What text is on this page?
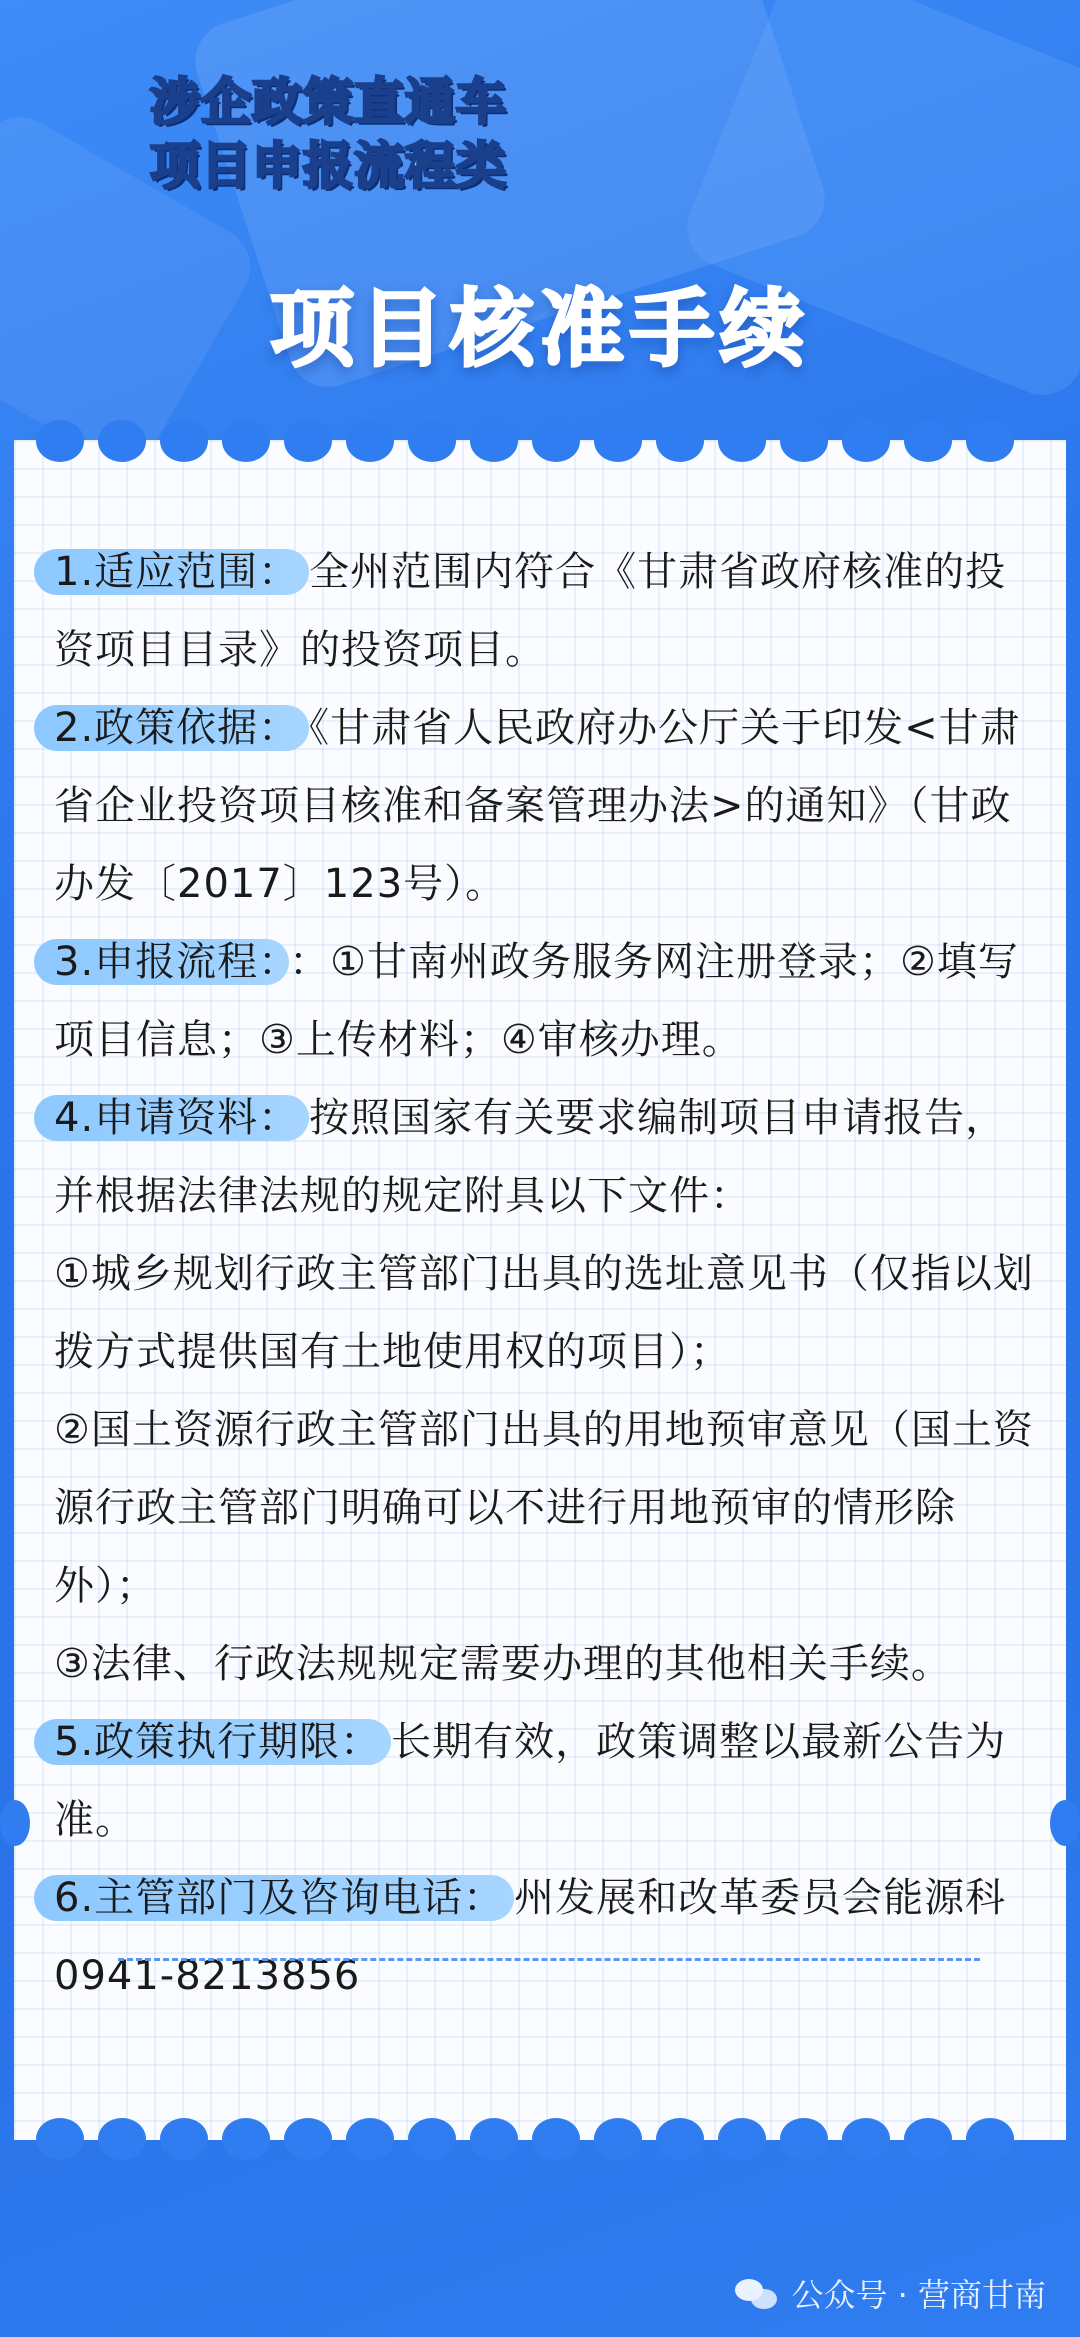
涉企政策直通车
项目申报流程类
项目核准手续

1.适应范围： 全州范围内符合《甘肃省政府核准的投资项目目录》的投资项目。

2.政策依据： 《甘肃省人民政府办公厅关于印发<甘肃省企业投资项目核准和备案管理办法>的通知》（甘政办发〔2017〕123号）。

3.申报流程： ：①甘南州政务服务网注册登录；②填写项目信息；③上传材料；④审核办理。

4.申请资料： 按照国家有关要求编制项目申请报告，并根据法律法规的规定附具以下文件：

①城乡规划行政主管部门出具的选址意见书（仅指以划拨方式提供国有土地使用权的项目）；

②国土资源行政主管部门出具的用地预审意见（国土资源行政主管部门明确可以不进行用地预审的情形除外）；

③法律、行政法规规定需要办理的其他相关手续。

5.政策执行期限： 长期有效，政策调整以最新公告为准。

6.主管部门及咨询电话： 州发展和改革委员会能源科0941-8213856

公众号 · 营商甘南
